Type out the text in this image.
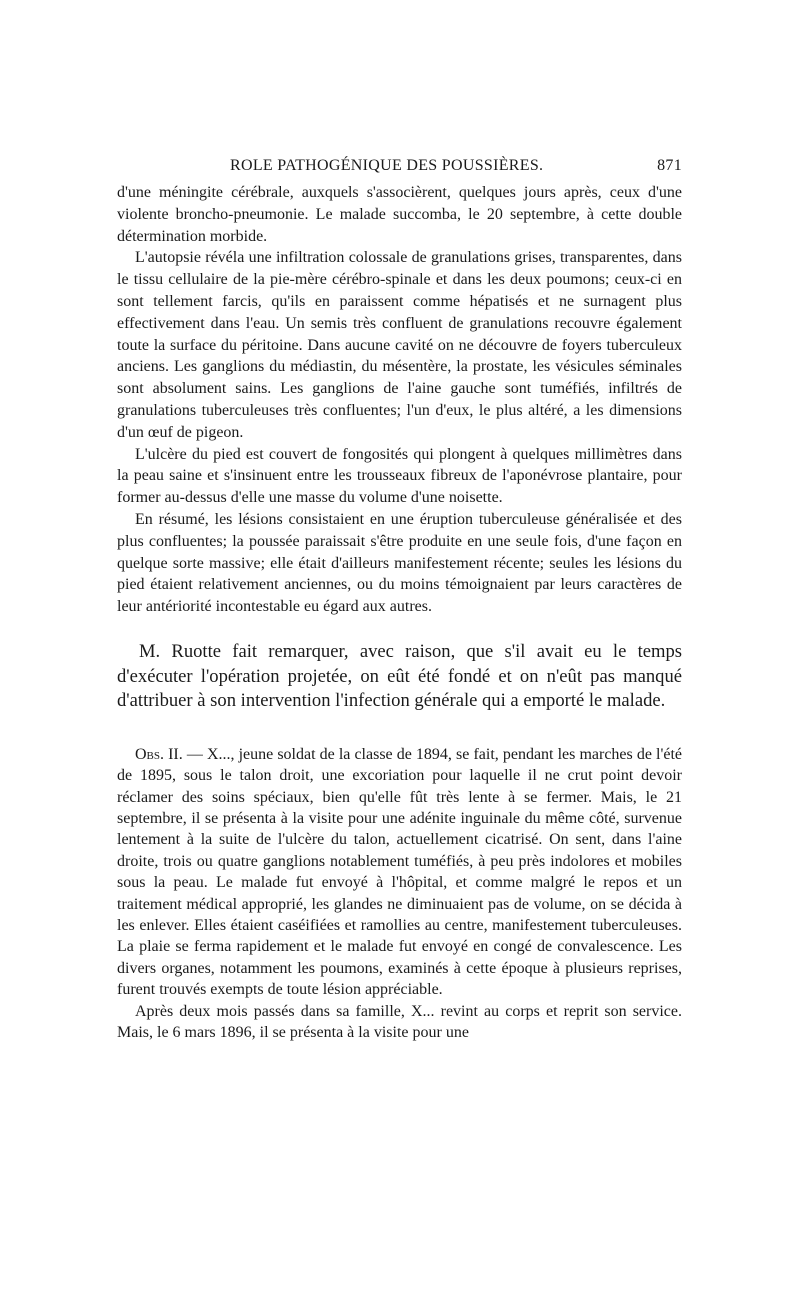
ROLE PATHOGÉNIQUE DES POUSSIÈRES.	871

d'une méningite cérébrale, auxquels s'associèrent, quelques jours après, ceux d'une violente broncho-pneumonie. Le malade succomba, le 20 septembre, à cette double détermination morbide.

L'autopsie révéla une infiltration colossale de granulations grises, transparentes, dans le tissu cellulaire de la pie-mère cérébro-spinale et dans les deux poumons; ceux-ci en sont tellement farcis, qu'ils en paraissent comme hépatisés et ne surnagent plus effectivement dans l'eau. Un semis très confluent de granulations recouvre également toute la surface du péritoine. Dans aucune cavité on ne découvre de foyers tuberculeux anciens. Les ganglions du médiastin, du mésentère, la prostate, les vésicules séminales sont absolument sains. Les ganglions de l'aine gauche sont tuméfiés, infiltrés de granulations tuberculeuses très confluentes; l'un d'eux, le plus altéré, a les dimensions d'un œuf de pigeon.

L'ulcère du pied est couvert de fongosités qui plongent à quelques millimètres dans la peau saine et s'insinuent entre les trousseaux fibreux de l'aponévrose plantaire, pour former au-dessus d'elle une masse du volume d'une noisette.

En résumé, les lésions consistaient en une éruption tuberculeuse généralisée et des plus confluentes; la poussée paraissait s'être produite en une seule fois, d'une façon en quelque sorte massive; elle était d'ailleurs manifestement récente; seules les lésions du pied étaient relativement anciennes, ou du moins témoignaient par leurs caractères de leur antériorité incontestable eu égard aux autres.

M. Ruotte fait remarquer, avec raison, que s'il avait eu le temps d'exécuter l'opération projetée, on eût été fondé et on n'eût pas manqué d'attribuer à son intervention l'infection générale qui a emporté le malade.

Obs. II. — X..., jeune soldat de la classe de 1894, se fait, pendant les marches de l'été de 1895, sous le talon droit, une excoriation pour laquelle il ne crut point devoir réclamer des soins spéciaux, bien qu'elle fût très lente à se fermer. Mais, le 21 septembre, il se présenta à la visite pour une adénite inguinale du même côté, survenue lentement à la suite de l'ulcère du talon, actuellement cicatrisé. On sent, dans l'aine droite, trois ou quatre ganglions notablement tuméfiés, à peu près indolores et mobiles sous la peau. Le malade fut envoyé à l'hôpital, et comme malgré le repos et un traitement médical approprié, les glandes ne diminuaient pas de volume, on se décida à les enlever. Elles étaient caséifiées et ramollies au centre, manifestement tuberculeuses. La plaie se ferma rapidement et le malade fut envoyé en congé de convalescence. Les divers organes, notamment les poumons, examinés à cette époque à plusieurs reprises, furent trouvés exempts de toute lésion appréciable.

Après deux mois passés dans sa famille, X... revint au corps et reprit son service. Mais, le 6 mars 1896, il se présenta à la visite pour une
